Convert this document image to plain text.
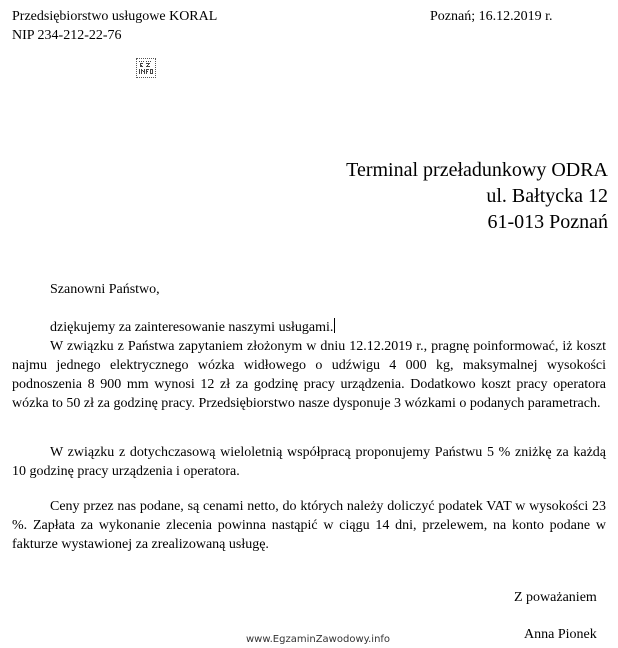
Przedsiębiorstwo usługowe KORAL
NIP 234-212-22-76
Poznań; 16.12.2019 r.
Terminal przeładunkowy ODRA
ul. Bałtycka 12
61-013 Poznań
Szanowni Państwo,
dziękujemy za zainteresowanie naszymi usługami.
W związku z Państwa zapytaniem złożonym w dniu 12.12.2019 r., pragnę poinformować, iż koszt najmu jednego elektrycznego wózka widłowego o udźwigu 4 000 kg, maksymalnej wysokości podnoszenia 8 900 mm wynosi 12 zł za godzinę pracy urządzenia. Dodatkowo koszt pracy operatora wózka to 50 zł za godzinę pracy. Przedsiębiorstwo nasze dysponuje 3 wózkami o podanych parametrach.
W związku z dotychczasową wieloletnią współpracą proponujemy Państwu 5 % zniżkę za każdą 10 godzinę pracy urządzenia i operatora.
Ceny przez nas podane, są cenami netto, do których należy doliczyć podatek VAT w wysokości 23 %. Zapłata za wykonanie zlecenia powinna nastąpić w ciągu 14 dni, przelewem, na konto podane w fakturze wystawionej za zrealizowaną usługę.
Z poważaniem
www.EgzaminZawodowy.info	Anna Pionek
